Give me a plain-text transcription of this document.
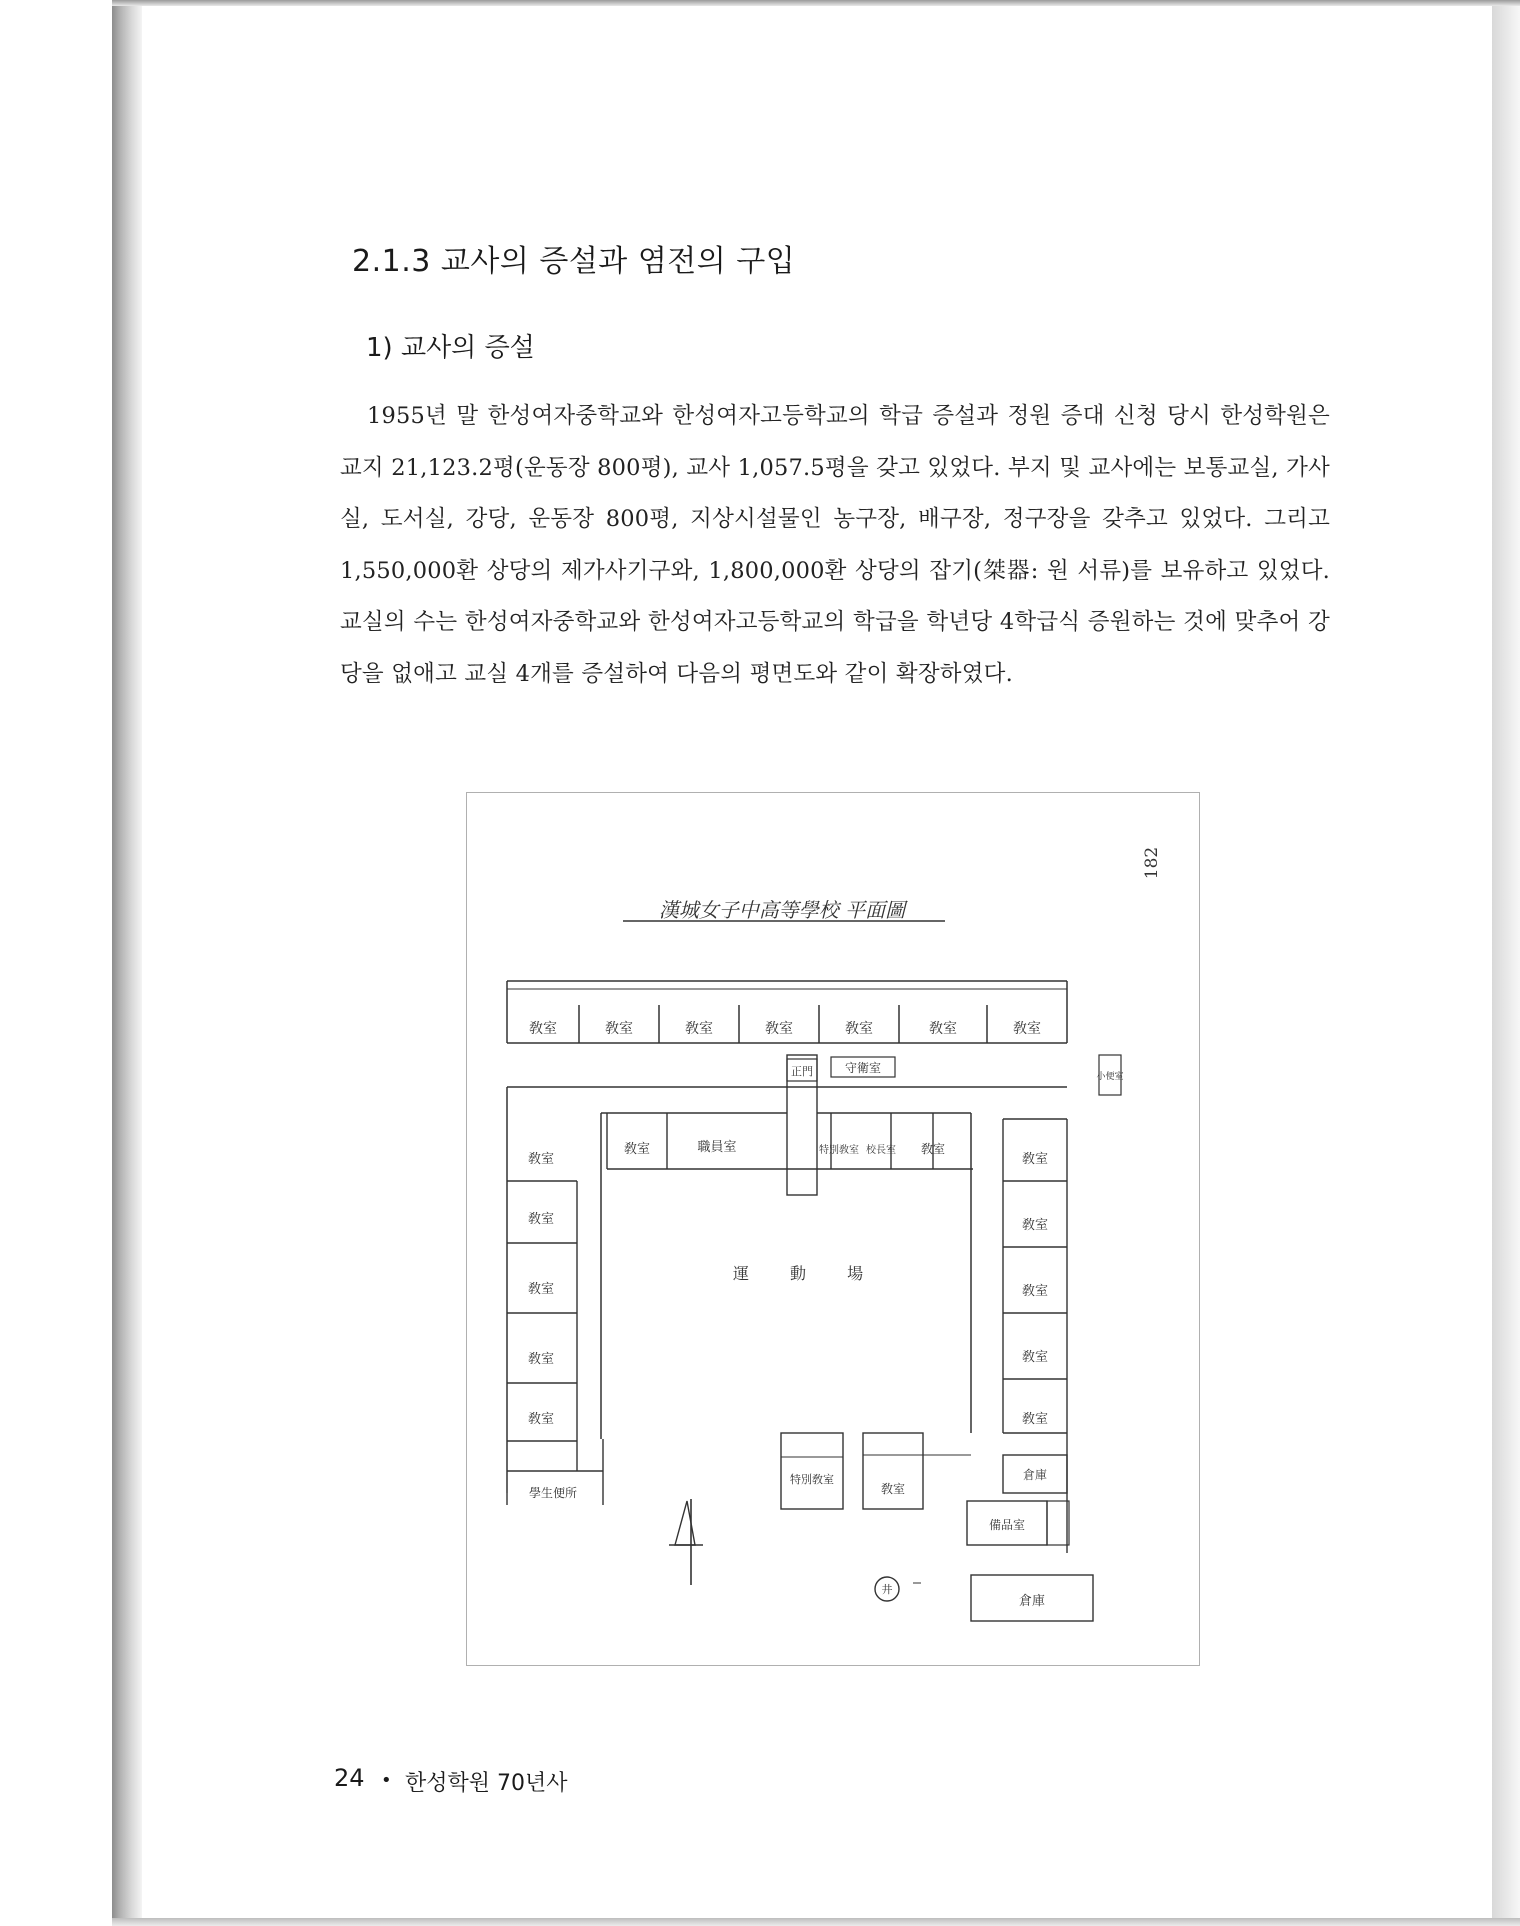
2.1.3 교사의 증설과 염전의 구입
1) 교사의 증설

1955년 말 한성여자중학교와 한성여자고등학교의 학급 증설과 정원 증대 신청 당시 한성학원은 교지 21,123.2평(운동장 800평), 교사 1,057.5평을 갖고 있었다. 부지 및 교사에는 보통교실, 가사실, 도서실, 강당, 운동장 800평, 지상시설물인 농구장, 배구장, 정구장을 갖추고 있었다. 그리고 1,550,000환 상당의 제가사기구와, 1,800,000환 상당의 잡기(桀器: 원 서류)를 보유하고 있었다. 교실의 수는 한성여자중학교와 한성여자고등학교의 학급을 학년당 4학급식 증원하는 것에 맞추어 강당을 없애고 교실 4개를 증설하여 다음의 평면도와 같이 확장하였다.

182
漢城女子中高等學校 平面圖
敎室	敎室	敎室	敎室	敎室	敎室	敎室
正門	守衛室
小便室
敎室	職員室	特別敎室 校長室 敎室
敎室
敎室
敎室
敎室
敎室
學生便所
敎室
敎室
敎室
敎室
敎室
運 動 場
特別敎室
敎室
倉庫
備品室
倉庫
井
24 • 한성학원 70년사
